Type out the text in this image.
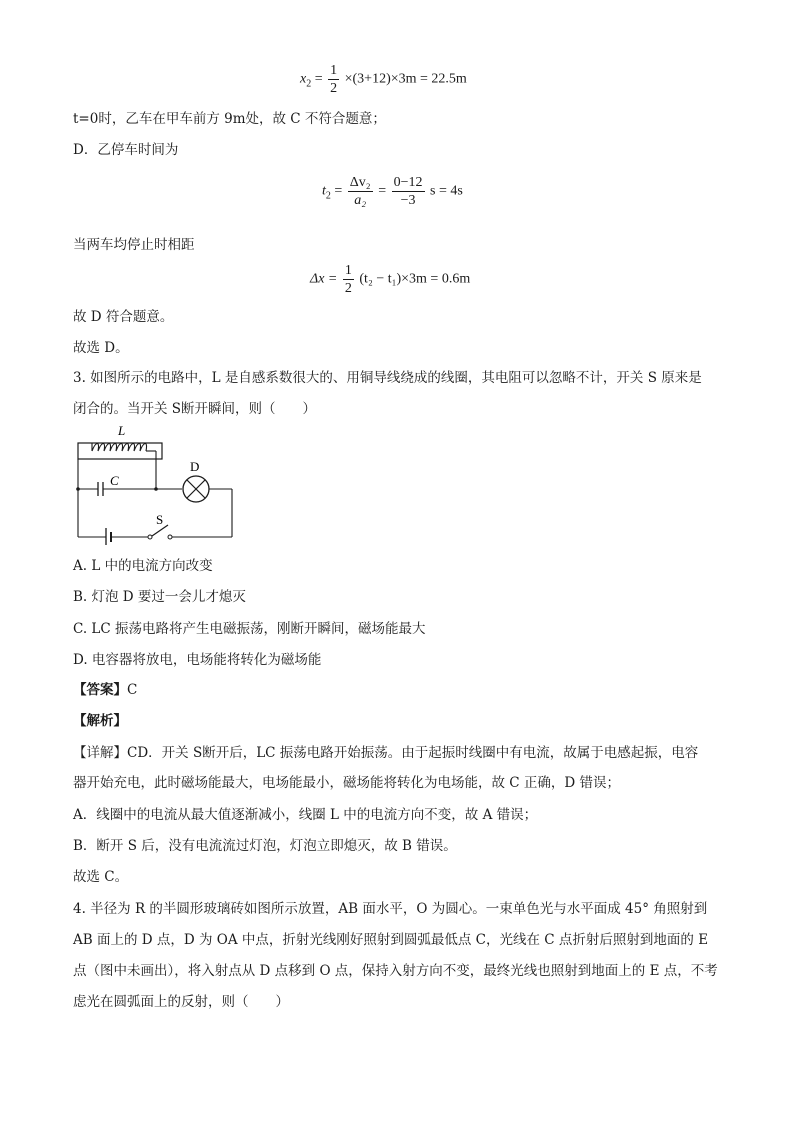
$x_2 = \frac{1}{2} \times(3+12)\times 3m = 22.5m$
t=0时，乙车在甲车前方 9m处，故 C 不符合题意；
D．乙停车时间为
$t_2 = \frac{\text{Δv₂}}{\text{a₂}} = \frac{0-12}{-3}$ s = 4s
当两车均停止时相距
$\Delta x = \frac{1}{2} (t_2 - t_1)\times 3m = 0.6m$
故 D 符合题意。
故选 D。
3. 如图所示的电路中，L 是自感系数很大的、用铜导线绕成的线圈，其电阻可以忽略不计，开关 S 原来是
闭合的。当开关 S断开瞬间，则（　　）
L
C
D
S
A. L 中的电流方向改变
B. 灯泡 D 要过一会儿才熄灭
C. LC 振荡电路将产生电磁振荡，刚断开瞬间，磁场能最大
D. 电容器将放电，电场能将转化为磁场能
【答案】C
【解析】
【详解】CD．开关 S断开后，LC 振荡电路开始振荡。由于起振时线圈中有电流，故属于电感起振，电容
器开始充电，此时磁场能最大，电场能最小，磁场能将转化为电场能，故 C 正确，D 错误；
A．线圈中的电流从最大值逐渐减小，线圈 L 中的电流方向不变，故 A 错误；
B．断开 S 后，没有电流流过灯泡，灯泡立即熄灭，故 B 错误。
故选 C。
4. 半径为 R 的半圆形玻璃砖如图所示放置，AB 面水平，O 为圆心。一束单色光与水平面成 45° 角照射到
AB 面上的 D 点，D 为 OA 中点，折射光线刚好照射到圆弧最低点 C，光线在 C 点折射后照射到地面的 E
点（图中未画出），将入射点从 D 点移到 O 点，保持入射方向不变，最终光线也照射到地面上的 E 点，不考
虑光在圆弧面上的反射，则（　　）
